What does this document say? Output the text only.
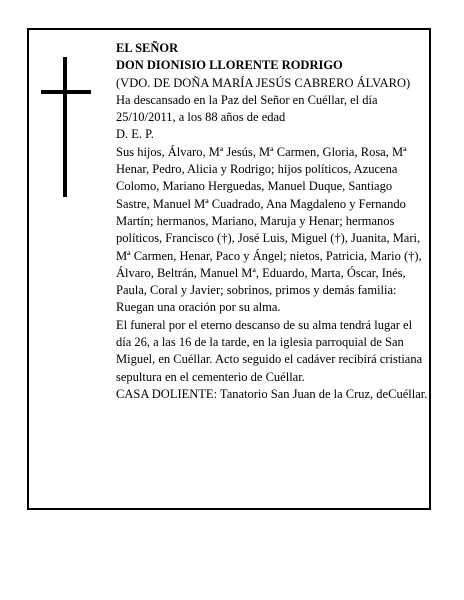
EL SEÑOR

DON DIONISIO LLORENTE RODRIGO

(VDO. DE DOÑA MARÍA JESÚS CABRERO ÁLVARO)

Ha descansado en la Paz del Señor en Cuéllar, el día 25/10/2011, a los 88 años de edad

D. E. P.

Sus hijos, Álvaro, Mª Jesús, Mª Carmen, Gloria, Rosa, Mª Henar, Pedro, Alicia y Rodrigo; hijos políticos, Azucena Colomo, Mariano Herguedas, Manuel Duque, Santiago Sastre, Manuel Mª Cuadrado, Ana Magdaleno y Fernando Martín; hermanos, Mariano, Maruja y Henar; hermanos políticos, Francisco (†), José Luis, Miguel (†), Juanita, Mari, Mª Carmen, Henar, Paco y Ángel; nietos, Patricia, Mario (†), Álvaro, Beltrán, Manuel Mª, Eduardo, Marta, Óscar, Inés, Paula, Coral y Javier; sobrinos, primos y demás familia:

Ruegan una oración por su alma.

El funeral por el eterno descanso de su alma tendrá lugar el día 26, a las 16 de la tarde, en la iglesia parroquial de San Miguel, en Cuéllar. Acto seguido el cadáver recibirá cristiana sepultura en el cementerio de Cuéllar.

CASA DOLIENTE: Tanatorio San Juan de la Cruz, deCuéllar.
